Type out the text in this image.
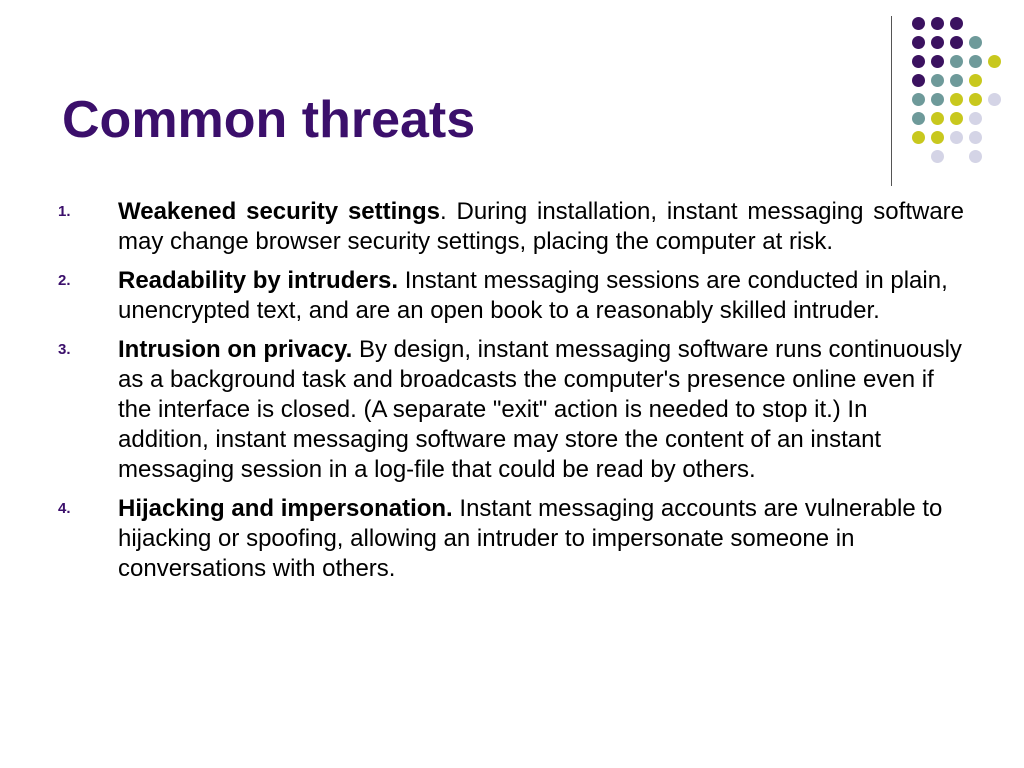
Common threats
1. Weakened security settings. During installation, instant messaging software may change browser security settings, placing the computer at risk.
2. Readability by intruders. Instant messaging sessions are conducted in plain, unencrypted text, and are an open book to a reasonably skilled intruder.
3. Intrusion on privacy. By design, instant messaging software runs continuously as a background task and broadcasts the computer's presence online even if the interface is closed. (A separate "exit" action is needed to stop it.) In addition, instant messaging software may store the content of an instant messaging session in a log-file that could be read by others.
4. Hijacking and impersonation. Instant messaging accounts are vulnerable to hijacking or spoofing, allowing an intruder to impersonate someone in conversations with others.
